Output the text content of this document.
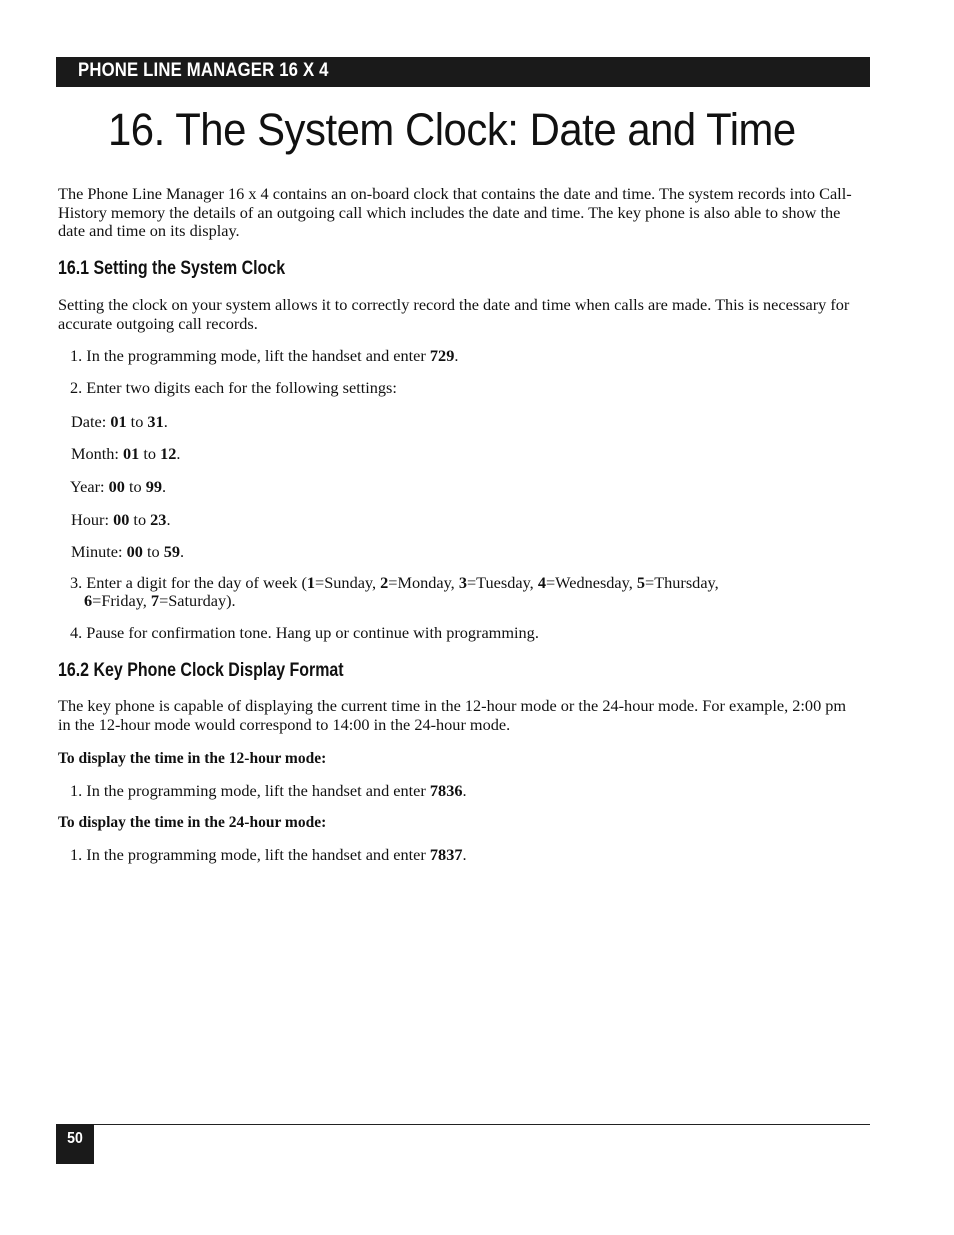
PHONE LINE MANAGER 16 X 4
16. The System Clock: Date and Time

The Phone Line Manager 16 x 4 contains an on-board clock that contains the date and time. The system records into Call-History memory the details of an outgoing call which includes the date and time. The key phone is also able to show the date and time on its display.

16.1 Setting the System Clock

Setting the clock on your system allows it to correctly record the date and time when calls are made. This is necessary for accurate outgoing call records.

1. In the programming mode, lift the handset and enter 729.

2. Enter two digits each for the following settings:

Date: 01 to 31.

Month: 01 to 12.

Year: 00 to 99.

Hour: 00 to 23.

Minute: 00 to 59.

3. Enter a digit for the day of week (1=Sunday, 2=Monday, 3=Tuesday, 4=Wednesday, 5=Thursday,

6=Friday, 7=Saturday).

4. Pause for confirmation tone. Hang up or continue with programming.

16.2 Key Phone Clock Display Format

The key phone is capable of displaying the current time in the 12-hour mode or the 24-hour mode. For example, 2:00 pm in the 12-hour mode would correspond to 14:00 in the 24-hour mode.

To display the time in the 12-hour mode:

1. In the programming mode, lift the handset and enter 7836.

To display the time in the 24-hour mode:

1. In the programming mode, lift the handset and enter 7837.

50
